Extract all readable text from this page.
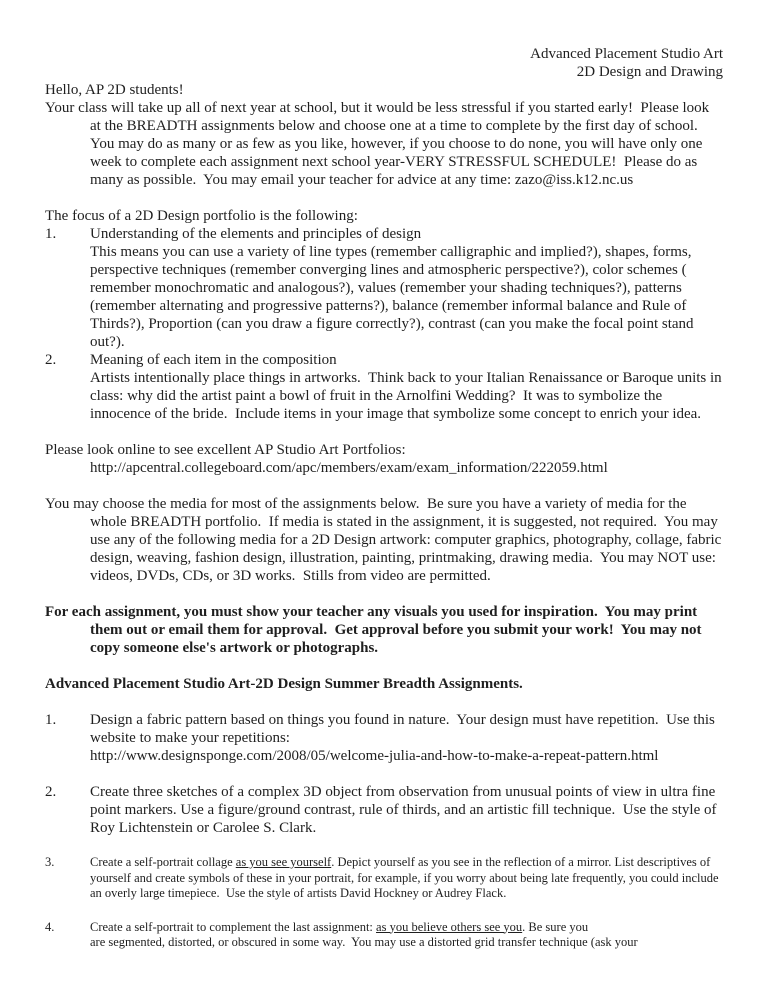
Advanced Placement Studio Art
2D Design and Drawing

Hello, AP 2D students!

Your class will take up all of next year at school, but it would be less stressful if you started early!  Please look at the BREADTH assignments below and choose one at a time to complete by the first day of school.  You may do as many or as few as you like, however, if you choose to do none, you will have only one week to complete each assignment next school year-VERY STRESSFUL SCHEDULE!  Please do as many as possible.  You may email your teacher for advice at any time: zazo@iss.k12.nc.us

The focus of a 2D Design portfolio is the following:

1.	Understanding of the elements and principles of design
This means you can use a variety of line types (remember calligraphic and implied?), shapes, forms, perspective techniques (remember converging lines and atmospheric perspective?), color schemes ( remember monochromatic and analogous?), values (remember your shading techniques?), patterns (remember alternating and progressive patterns?), balance (remember informal balance and Rule of Thirds?), Proportion (can you draw a figure correctly?), contrast (can you make the focal point stand out?).
2.	Meaning of each item in the composition
Artists intentionally place things in artworks.  Think back to your Italian Renaissance or Baroque units in class: why did the artist paint a bowl of fruit in the Arnolfini Wedding?  It was to symbolize the innocence of the bride.  Include items in your image that symbolize some concept to enrich your idea.

Please look online to see excellent AP Studio Art Portfolios:
http://apcentral.collegeboard.com/apc/members/exam/exam_information/222059.html

You may choose the media for most of the assignments below.  Be sure you have a variety of media for the whole BREADTH portfolio.  If media is stated in the assignment, it is suggested, not required.  You may use any of the following media for a 2D Design artwork: computer graphics, photography, collage, fabric design, weaving, fashion design, illustration, painting, printmaking, drawing media.  You may NOT use: videos, DVDs, CDs, or 3D works.  Stills from video are permitted.

For each assignment, you must show your teacher any visuals you used for inspiration.  You may print them out or email them for approval.  Get approval before you submit your work!  You may not copy someone else's artwork or photographs.

Advanced Placement Studio Art-2D Design Summer Breadth Assignments.

1.	Design a fabric pattern based on things you found in nature.  Your design must have repetition.  Use this website to make your repetitions:
http://www.designsponge.com/2008/05/welcome-julia-and-how-to-make-a-repeat-pattern.html
2.	Create three sketches of a complex 3D object from observation from unusual points of view in ultra fine point markers. Use a figure/ground contrast, rule of thirds, and an artistic fill technique.  Use the style of Roy Lichtenstein or Carolee S. Clark.
3.	Create a self-portrait collage as you see yourself. Depict yourself as you see in the reflection of a mirror. List descriptives of yourself and create symbols of these in your portrait, for example, if you worry about being late frequently, you could include an overly large timepiece.  Use the style of artists David Hockney or Audrey Flack.
4.	Create a self-portrait to complement the last assignment: as you believe others see you. Be sure you
are segmented, distorted, or obscured in some way.  You may use a distorted grid transfer technique (ask your
